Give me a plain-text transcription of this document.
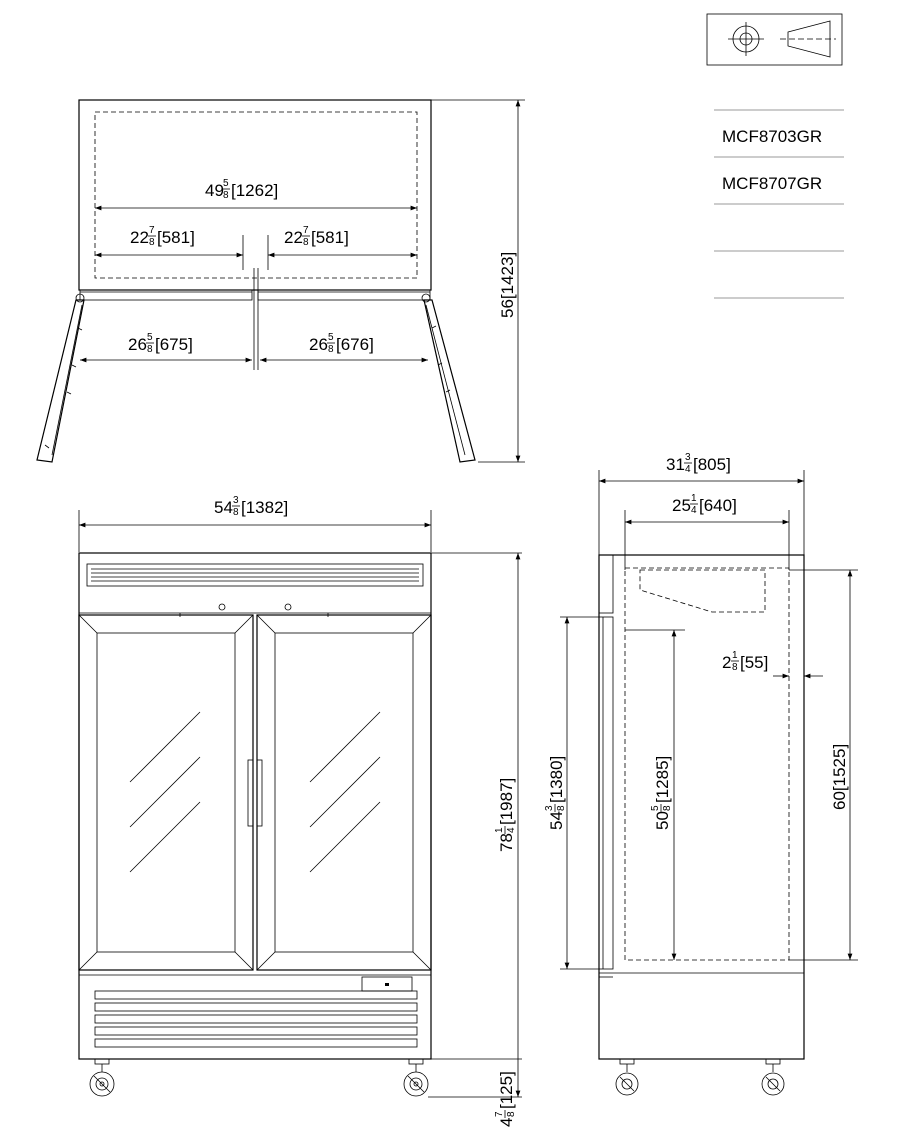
MCF8703GR
MCF8707GR
49 5
8 [1262]
22 7
8 [581]	22 7
8 [581]
26 5
8 [675]	26 5
8 [676]
56[1423]
54 3
8 [1382]
78
1 4
[1987]
4
7 8
[125]
31 3
4 [805]
25 1
4 [640]
2 1
8 [55]
54
3 8
[1380]
50
5 8
[1285]	60[1525]
